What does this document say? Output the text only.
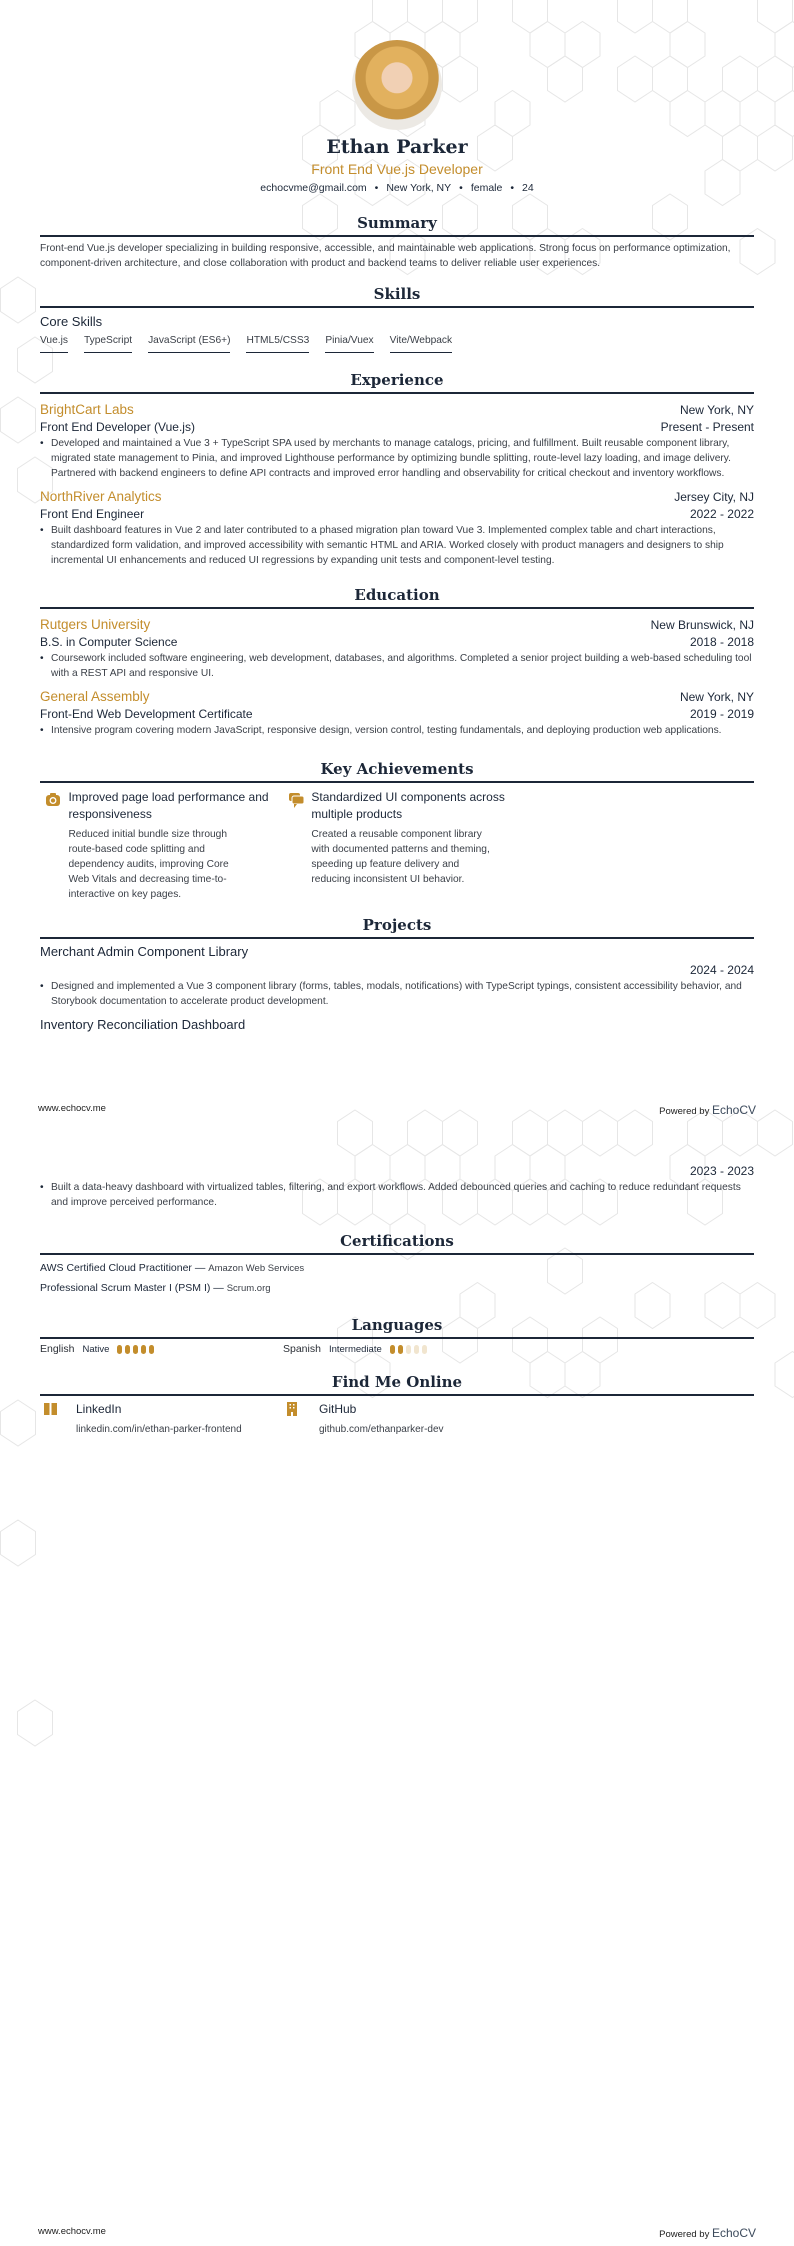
Ethan Parker
Front End Vue.js Developer
echocvme@gmail.com • New York, NY • female • 24
Summary

Front-end Vue.js developer specializing in building responsive, accessible, and maintainable web applications. Strong focus on performance optimization, component-driven architecture, and close collaboration with product and backend teams to deliver reliable user experiences.

Skills
Core Skills
Vue.js TypeScript JavaScript (ES6+) HTML5/CSS3 Pinia/Vuex Vite/Webpack
Experience
BrightCart Labs	New York, NY
Front End Developer (Vue.js)	Present - Present
• Developed and maintained a Vue 3 + TypeScript SPA used by merchants to manage catalogs, pricing, and fulfillment. Built reusable component library, migrated state management to Pinia, and improved Lighthouse performance by optimizing bundle splitting, route-level lazy loading, and image delivery. Partnered with backend engineers to define API contracts and improved error handling and observability for critical checkout and inventory workflows.
NorthRiver Analytics	Jersey City, NJ
Front End Engineer	2022 - 2022
• Built dashboard features in Vue 2 and later contributed to a phased migration plan toward Vue 3. Implemented complex table and chart interactions, standardized form validation, and improved accessibility with semantic HTML and ARIA. Worked closely with product managers and designers to ship incremental UI enhancements and reduced UI regressions by expanding unit tests and component-level testing.
Education
Rutgers University	New Brunswick, NJ
B.S. in Computer Science	2018 - 2018
• Coursework included software engineering, web development, databases, and algorithms. Completed a senior project building a web-based scheduling tool with a REST API and responsive UI.
General Assembly	New York, NY
Front-End Web Development Certificate	2019 - 2019
• Intensive program covering modern JavaScript, responsive design, version control, testing fundamentals, and deploying production web applications.
Key Achievements
Improved page load performance and responsiveness
Reduced initial bundle size through route-based code splitting and dependency audits, improving Core Web Vitals and decreasing time-to-interactive on key pages.
Standardized UI components across multiple products
Created a reusable component library with documented patterns and theming, speeding up feature delivery and reducing inconsistent UI behavior.
Projects
Merchant Admin Component Library
2024 - 2024
• Designed and implemented a Vue 3 component library (forms, tables, modals, notifications) with TypeScript typings, consistent accessibility behavior, and Storybook documentation to accelerate product development.
Inventory Reconciliation Dashboard
www.echocv.me	Powered by EchoCV
2023 - 2023
• Built a data-heavy dashboard with virtualized tables, filtering, and export workflows. Added debounced queries and caching to reduce redundant requests and improve perceived performance.
Certifications
AWS Certified Cloud Practitioner — Amazon Web Services
Professional Scrum Master I (PSM I) — Scrum.org
Languages
English Native	Spanish Intermediate
Find Me Online
LinkedIn
linkedin.com/in/ethan-parker-frontend
GitHub
github.com/ethanparker-dev
www.echocv.me	Powered by EchoCV
